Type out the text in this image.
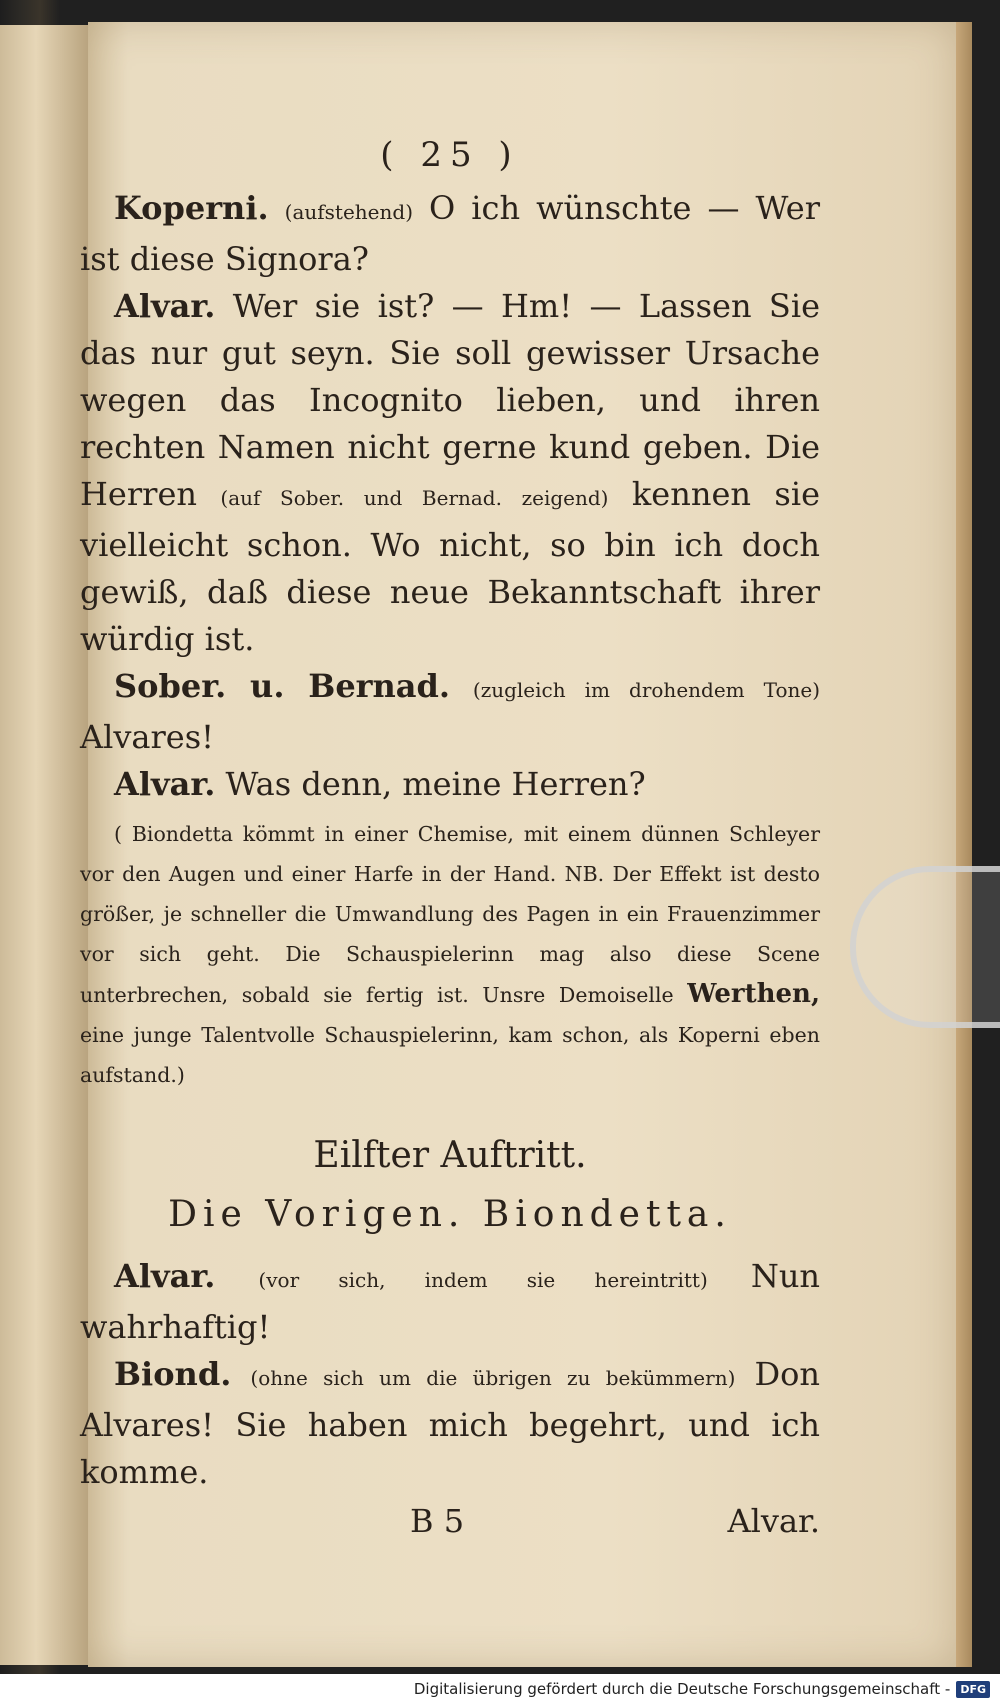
( 25 )

Koperni. (aufstehend) O ich wünschte — Wer ist diese Signora?

Alvar. Wer sie ist? — Hm! — Lassen Sie das nur gut seyn. Sie soll gewisser Ursache wegen das Incognito lieben, und ihren rechten Namen nicht gerne kund geben. Die Herren (auf Sober. und Bernad. zeigend) kennen sie vielleicht schon. Wo nicht, so bin ich doch gewiß, daß diese neue Bekanntschaft ihrer würdig ist.

Sober. u. Bernad. (zugleich im drohendem Tone) Alvares!

Alvar. Was denn, meine Herren?

( Biondetta kömmt in einer Chemise, mit einem dünnen Schleyer vor den Augen und einer Harfe in der Hand. NB. Der Effekt ist desto größer, je schneller die Umwandlung des Pagen in ein Frauenzimmer vor sich geht. Die Schauspielerinn mag also diese Scene unterbrechen, sobald sie fertig ist. Unsre Demoiselle Werthen, eine junge Talentvolle Schauspielerinn, kam schon, als Koperni eben aufstand.)

Eilfter Auftritt.
Die Vorigen. Biondetta.

Alvar. (vor sich, indem sie hereintritt) Nun wahrhaftig!

Biond. (ohne sich um die übrigen zu bekümmern) Don Alvares! Sie haben mich begehrt, und ich komme.

B 5	Alvar.
Digitalisierung gefördert durch die Deutsche Forschungsgemeinschaft - DFG
